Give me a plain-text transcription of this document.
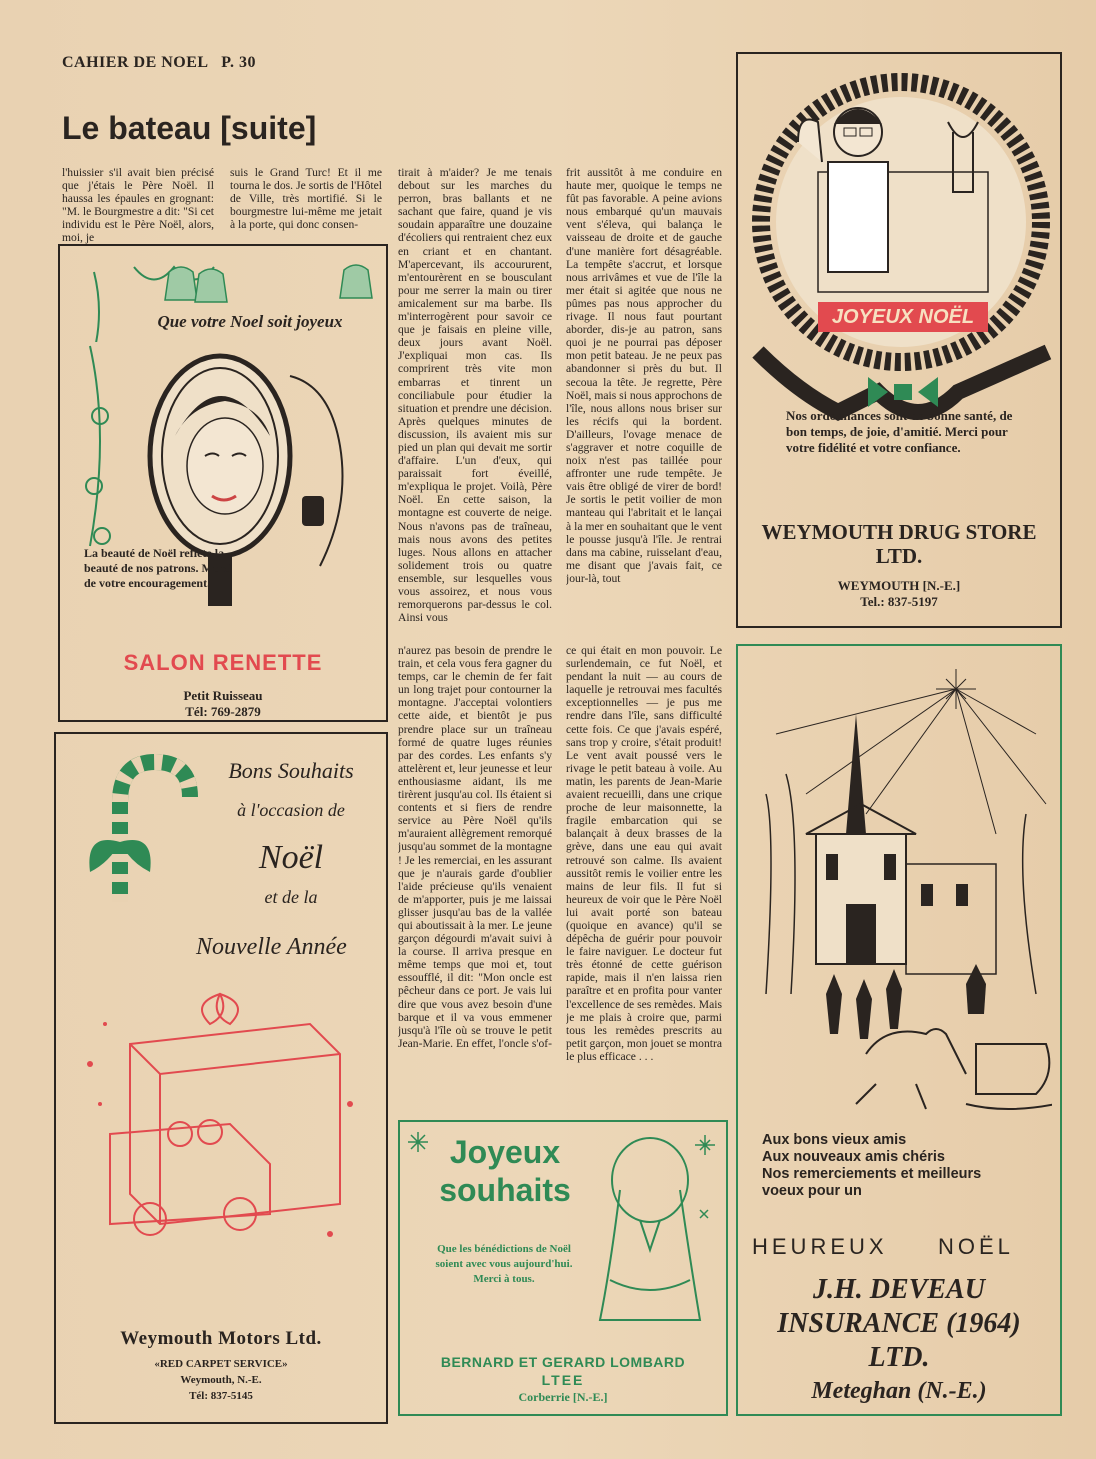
CAHIER DE NOEL   P. 30
Le bateau [suite]

l'huissier s'il avait bien précisé que j'étais le Père Noël. Il haussa les épaules en grognant: "M. le Bourgmestre a dit: "Si cet individu est le Père Noël, alors, moi, je

suis le Grand Turc! Et il me tourna le dos. Je sortis de l'Hôtel de Ville, très mortifié. Si le bourgmestre lui-même me jetait à la porte, qui donc consen-

tirait à m'aider? Je me tenais debout sur les marches du perron, bras ballants et ne sachant que faire, quand je vis soudain apparaître une douzaine d'écoliers qui rentraient chez eux en criant et en chantant. M'apercevant, ils accoururent, m'entourèrent en se bousculant pour me serrer la main ou tirer amicalement sur ma barbe. Ils m'interrogèrent pour savoir ce que je faisais en pleine ville, deux jours avant Noël. J'expliquai mon cas. Ils comprirent très vite mon embarras et tinrent un conciliabule pour étudier la situation et prendre une décision. Après quelques minutes de discussion, ils avaient mis sur pied un plan qui devait me sortir d'affaire. L'un d'eux, qui paraissait fort éveillé, m'expliqua le projet. Voilà, Père Noël. En cette saison, la montagne est couverte de neige. Nous n'avons pas de traîneau, mais nous avons des petites luges. Nous allons en attacher solidement trois ou quatre ensemble, sur lesquelles vous vous assoirez, et nous vous remorquerons par-dessus le col. Ainsi vous

n'aurez pas besoin de prendre le train, et cela vous fera gagner du temps, car le chemin de fer fait un long trajet pour contourner la montagne. J'acceptai volontiers cette aide, et bientôt je pus prendre place sur un traîneau formé de quatre luges réunies par des cordes. Les enfants s'y attelèrent et, leur jeunesse et leur enthousiasme aidant, ils me tirèrent jusqu'au col. Ils étaient si contents et si fiers de rendre service au Père Noël qu'ils m'auraient allègrement remorqué jusqu'au sommet de la montagne ! Je les remerciai, en les assurant que je n'aurais garde d'oublier l'aide précieuse qu'ils venaient de m'apporter, puis je me laissai glisser jusqu'au bas de la vallée qui aboutissait à la mer. Le jeune garçon dégourdi m'avait suivi à la course. Il arriva presque en même temps que moi et, tout essoufflé, il dit: "Mon oncle est pêcheur dans ce port. Je vais lui dire que vous avez besoin d'une barque et il va vous emmener jusqu'à l'île où se trouve le petit Jean-Marie. En effet, l'oncle s'of-

frit aussitôt à me conduire en haute mer, quoique le temps ne fût pas favorable. A peine avions nous embarqué qu'un mauvais vent s'éleva, qui balança le vaisseau de droite et de gauche d'une manière fort désagréable. La tempête s'accrut, et lorsque nous arrivâmes et vue de l'île la mer était si agitée que nous ne pûmes pas nous approcher du rivage. Il nous faut pourtant aborder, dis-je au patron, sans quoi je ne pourrai pas déposer mon petit bateau. Je ne peux pas abandonner si près du but. Il secoua la tête. Je regrette, Père Noël, mais si nous approchons de l'île, nous allons nous briser sur les récifs qui la bordent. D'ailleurs, l'ovage menace de s'aggraver et notre coquille de noix n'est pas taillée pour affronter une rude tempête. Je vais être obligé de virer de bord! Je sortis le petit voilier de mon manteau qui l'abritait et le lançai à la mer en souhaitant que le vent le pousse jusqu'à l'île. Je rentrai dans ma cabine, ruisselant d'eau, me disant que j'avais fait, ce jour-là, tout

ce qui était en mon pouvoir. Le surlendemain, ce fut Noël, et pendant la nuit — au cours de laquelle je retrouvai mes facultés exceptionnelles — je pus me rendre dans l'île, sans difficulté cette fois. Ce que j'avais espéré, sans trop y croire, s'était produit! Le vent avait poussé vers le rivage le petit bateau à voile. Au matin, les parents de Jean-Marie avaient recueilli, dans une crique proche de leur maisonnette, la fragile embarcation qui se balançait à deux brasses de la grève, dans une eau qui avait retrouvé son calme. Ils avaient aussitôt remis le voilier entre les mains de leur fils. Il fut si heureux de voir que le Père Noël lui avait porté son bateau (quoique en avance) qu'il se dépêcha de guérir pour pouvoir le faire naviguer. Le docteur fut très étonné de cette guérison rapide, mais il n'en laissa rien paraître et en profita pour vanter l'excellence de ses remèdes. Mais je me plais à croire que, parmi tous les remèdes prescrits au petit garçon, mon jouet se montra le plus efficace . . .

Que votre Noel soit joyeux
La beauté de Noël reflète la beauté de nos patrons. Merci de votre encouragement.
SALON RENETTE
Petit Ruisseau
Tél: 769-2879
Bons Souhaits
à l'occasion de
Noël
et de la
Nouvelle Année
Weymouth Motors Ltd.
«RED CARPET SERVICE»
Weymouth, N.-E.
Tél: 837-5145
JOYEUX NOËL
Nos ordonnances sont de bonne santé, de bon temps, de joie, d'amitié. Merci pour votre fidélité et votre confiance.
WEYMOUTH DRUG STORE
LTD.
WEYMOUTH [N.-E.]
Tel.: 837-5197
Joyeux
souhaits
Que les bénédictions de Noël soient avec vous aujourd'hui. Merci à tous.
BERNARD ET GERARD LOMBARD
LTEE
Corberrie [N.-E.]
Aux bons vieux amis
Aux nouveaux amis chéris
Nos remerciements et meilleurs
voeux pour un
HEUREUX	NOËL
J.H. DEVEAU
INSURANCE (1964)
LTD.
Meteghan (N.-E.)
